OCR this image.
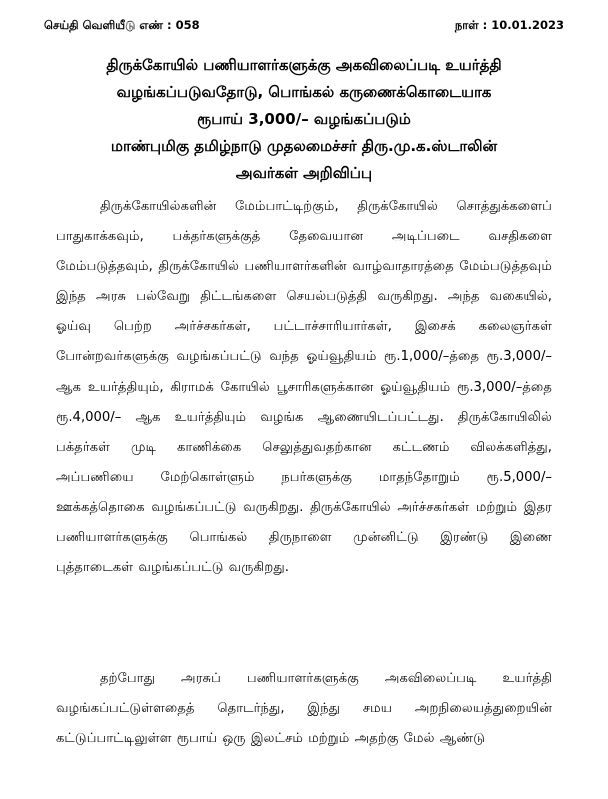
செய்தி வெளியீடு எண் : 058	நாள் : 10.01.2023
திருக்கோயில் பணியாளர்களுக்கு அகவிலைப்படி உயர்த்தி
வழங்கப்படுவதோடு, பொங்கல் கருணைக்கொடையாக
ரூபாய் 3,000/– வழங்கப்படும்
மாண்புமிகு தமிழ்நாடு முதலமைச்சர் திரு.மு.க.ஸ்டாலின்
அவர்கள் அறிவிப்பு

திருக்கோயில்களின் மேம்பாட்டிற்கும், திருக்கோயில் சொத்துக்களைப் பாதுகாக்கவும், பக்தர்களுக்குத் தேவையான அடிப்படை வசதிகளை மேம்படுத்தவும், திருக்கோயில் பணியாளர்களின் வாழ்வாதாரத்தை மேம்படுத்தவும் இந்த அரசு பல்வேறு திட்டங்களை செயல்படுத்தி வருகிறது. அந்த வகையில், ஓய்வு பெற்ற அர்ச்சகர்கள், பட்டாச்சாரியார்கள், இசைக் கலைஞர்கள் போன்றவர்களுக்கு வழங்கப்பட்டு வந்த ஓய்வூதியம் ரூ.1,000/–த்தை ரூ.3,000/– ஆக உயர்த்தியும், கிராமக் கோயில் பூசாரிகளுக்கான ஓய்வூதியம் ரூ.3,000/–த்தை ரூ.4,000/– ஆக உயர்த்தியும் வழங்க ஆணையிடப்பட்டது. திருக்கோயிலில் பக்தர்கள் முடி காணிக்கை செலுத்துவதற்கான கட்டணம் விலக்களித்து, அப்பணியை மேற்கொள்ளும் நபர்களுக்கு மாதந்தோறும் ரூ.5,000/– ஊக்கத்தொகை வழங்கப்பட்டு வருகிறது. திருக்கோயில் அர்ச்சகர்கள் மற்றும் இதர பணியாளர்களுக்கு பொங்கல் திருநாளை முன்னிட்டு இரண்டு இணை புத்தாடைகள் வழங்கப்பட்டு வருகிறது.

தற்போது அரசுப் பணியாளர்களுக்கு அகவிலைப்படி உயர்த்தி வழங்கப்பட்டுள்ளதைத் தொடர்ந்து, இந்து சமய அறநிலையத்துறையின் கட்டுப்பாட்டிலுள்ள ரூபாய் ஒரு இலட்சம் மற்றும் அதற்கு மேல் ஆண்டு
